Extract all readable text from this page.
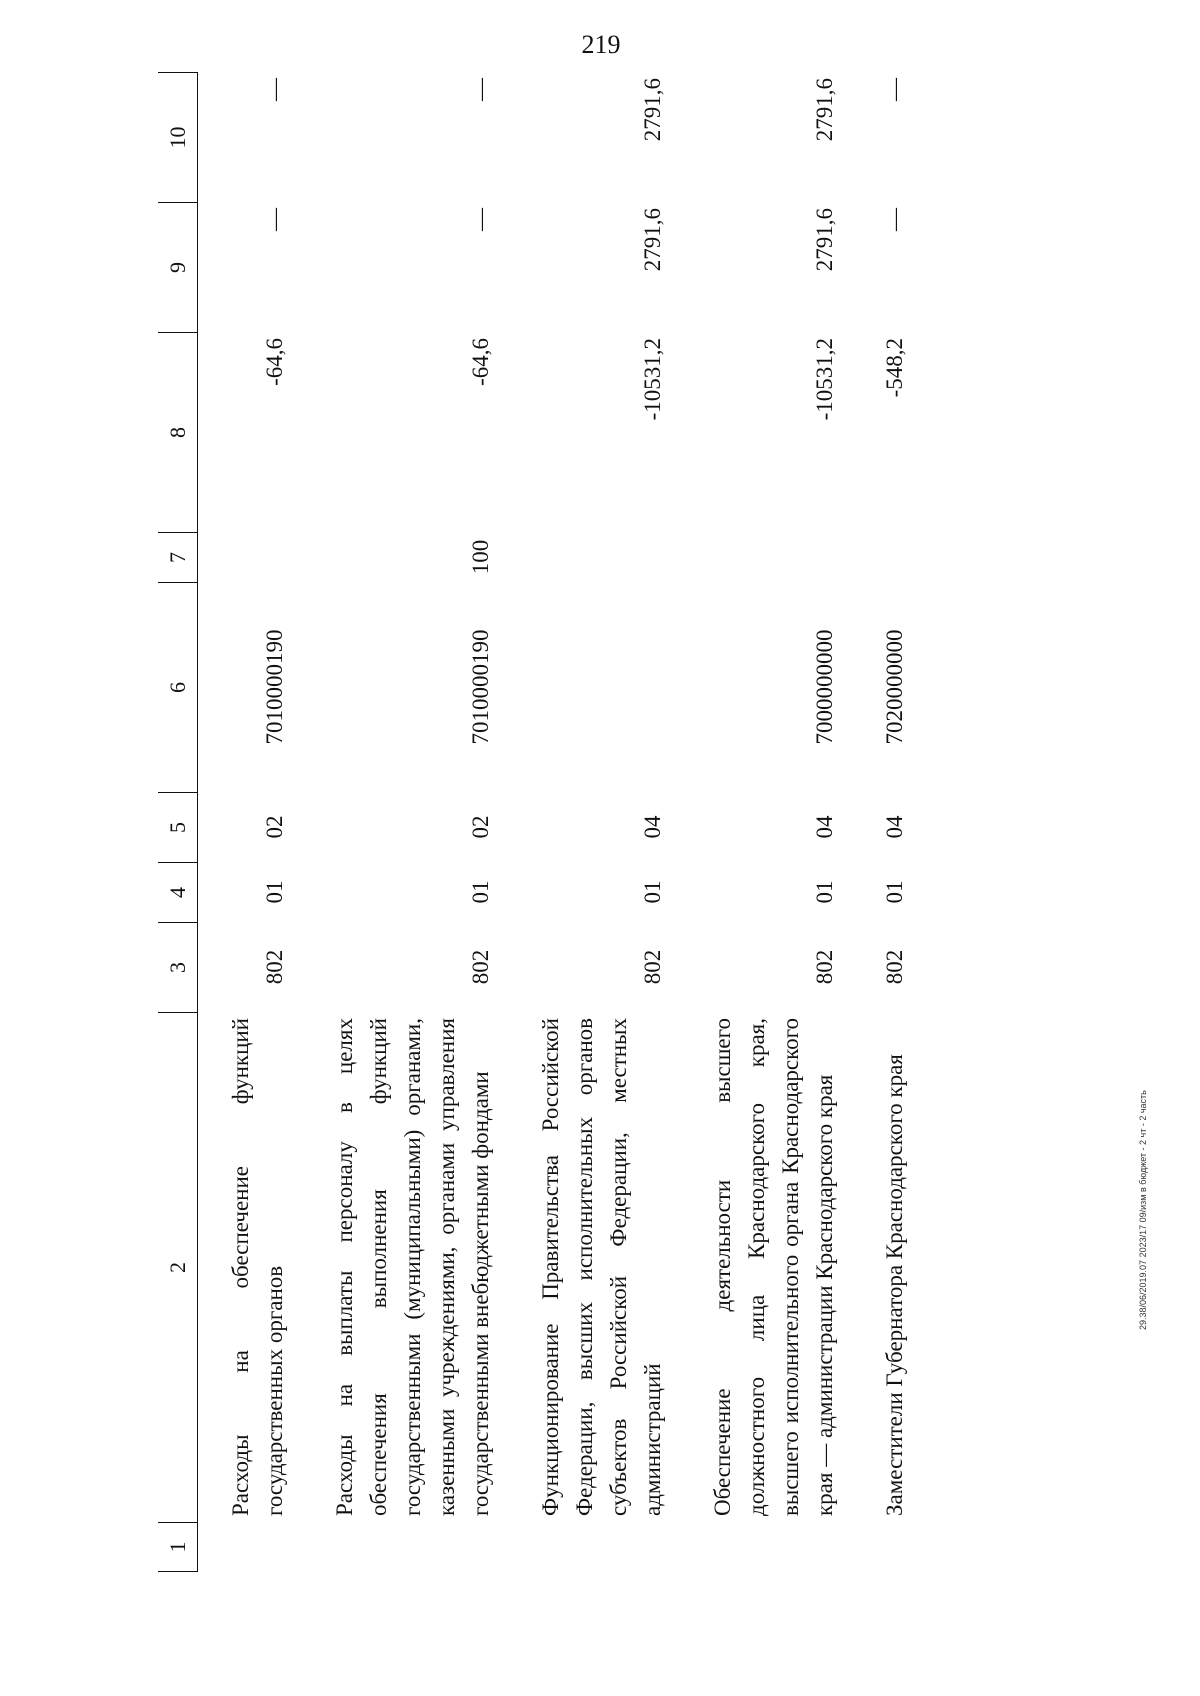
219
1
2
3
4
5
6
7
8
9
10
Расходы на обеспечение функций государственных органов
802
01
02
7010000190
-64,6
—
—
Расходы на выплаты персоналу в целях обеспечения выполнения функций государственными (муниципальными) органами, казенными учреждениями, органами управления государственными внебюджетными фондами
802
01
02
7010000190
100
-64,6
—
—
Функционирование Правительства Российской Федерации, высших исполнительных органов субъектов Российской Федерации, местных администраций
802
01
04
-10531,2
2791,6
2791,6
Обеспечение деятельности высшего должностного лица Краснодарского края, высшего исполнительного органа Краснодарского края — администрации Краснодарского края
802
01
04
7000000000
-10531,2
2791,6
2791,6
Заместители Губернатора Краснодарского края
802
01
04
7020000000
-548,2
—
—
29.38/06/2019.07 2023/17 09/изм в бюджет - 2 чт - 2 часть
